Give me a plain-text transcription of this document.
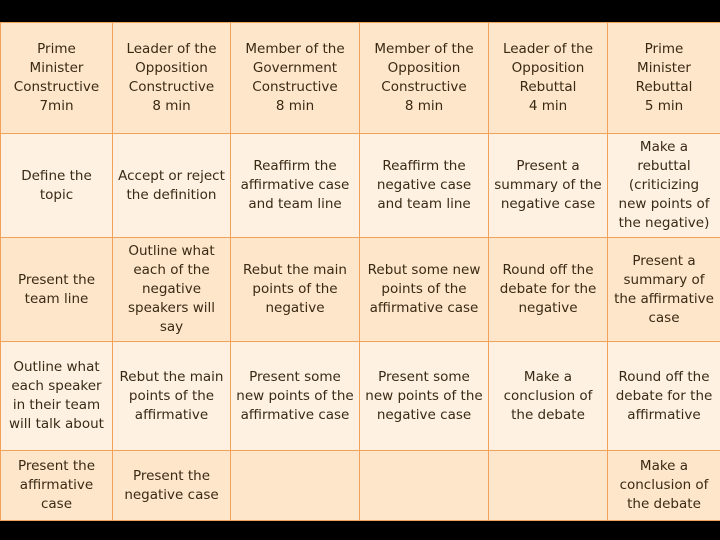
Prime
Minister
Constructive
7min	Leader of the
Opposition
Constructive
8 min	Member of the
Government
Constructive
8 min	Member of the
Opposition
Constructive
8 min	Leader of the
Opposition
Rebuttal
4 min	Prime
Minister
Rebuttal
5 min
Define the
topic	Accept or reject
the definition	Reaffirm the
affirmative case
and team line	Reaffirm the
negative case
and team line	Present a
summary of the
negative case	Make a
rebuttal
(criticizing
new points of
the negative)
Present the
team line	Outline what
each of the
negative
speakers will
say	Rebut the main
points of the
negative	Rebut some new
points of the
affirmative case	Round off the
debate for the
negative	Present a
summary of
the affirmative
case
Outline what
each speaker
in their team
will talk about	Rebut the main
points of the
affirmative	Present some
new points of the
affirmative case	Present some
new points of the
negative case	Make a
conclusion of
the debate	Round off the
debate for the
affirmative
Present the
affirmative
case	Present the
negative case				Make a
conclusion of
the debate
